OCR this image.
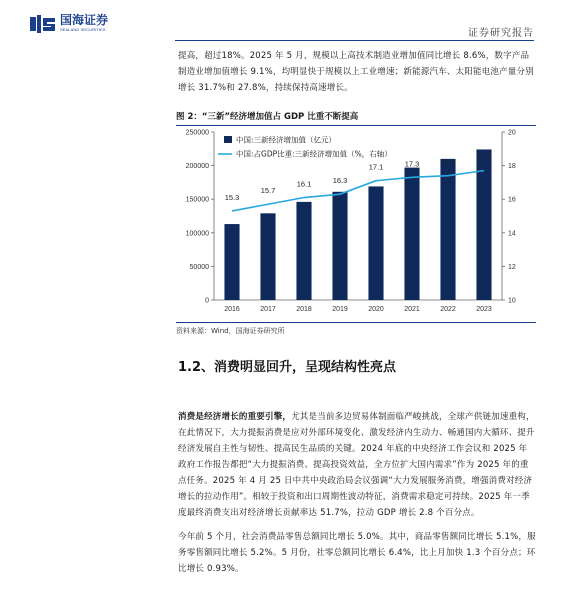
国海证券
SEALAND SECURITIES	证券研究报告

提高，超过18%。2025 年 5 月，规模以上高技术制造业增加值同比增长 8.6%，数字产品制造业增加值增长 9.1%，均明显快于规模以上工业增速；新能源汽车、太阳能电池产量分别增长 31.7%和 27.8%，持续保持高速增长。

图 2：“三新”经济增加值占 GDP 比重不断提高
0
50000
100000
150000
200000
250000
10
12
14
16
18
20
2016	2017	2018	2019	2020	2021	2022	2023
15.3
15.7
16.1	16.3
17.1	17.3	17.4
17.7
中国:三新经济增加值（亿元）
中国:占GDP比重:三新经济增加值（%，右轴）
资料来源：Wind，国海证券研究所
1.2、消费明显回升，呈现结构性亮点

消费是经济增长的重要引擎，尤其是当前多边贸易体制面临严峻挑战，全球产供链加速重构，在此情况下，大力提振消费是应对外部环境变化、激发经济内生动力、畅通国内大循环、提升经济发展自主性与韧性、提高民生品质的关键。2024 年底的中央经济工作会议和 2025 年政府工作报告都把“大力提振消费、提高投资效益，全方位扩大国内需求”作为 2025 年的重点任务。2025 年 4 月 25 日中共中央政治局会议强调“大力发展服务消费，增强消费对经济增长的拉动作用”。相较于投资和出口周期性波动特征，消费需求稳定可持续。2025 年一季度最终消费支出对经济增长贡献率达 51.7%，拉动 GDP 增长 2.8 个百分点。

今年前 5 个月，社会消费品零售总额同比增长 5.0%。其中，商品零售额同比增长 5.1%，服务零售额同比增长 5.2%。5 月份，社零总额同比增长 6.4%，比上月加快 1.3 个百分点；环比增长 0.93%。
